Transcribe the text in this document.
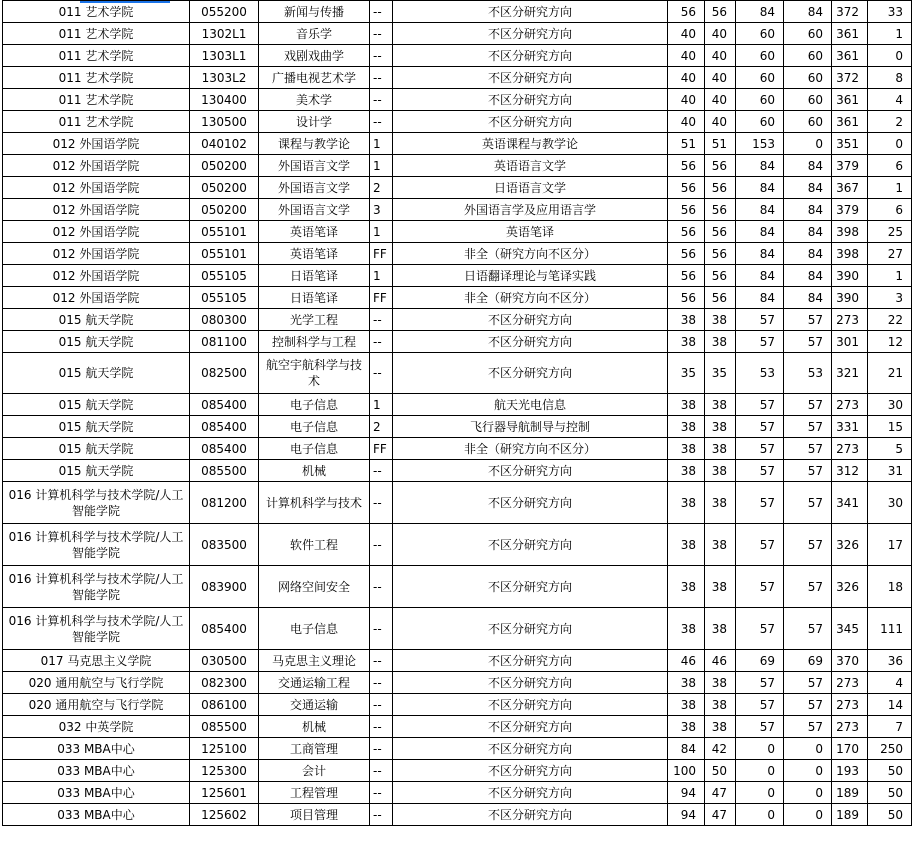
011 艺术学院	055200	新闻与传播	--	不区分研究方向	56	56	84	84	372	33
011 艺术学院	1302L1	音乐学	--	不区分研究方向	40	40	60	60	361	1
011 艺术学院	1303L1	戏剧戏曲学	--	不区分研究方向	40	40	60	60	361	0
011 艺术学院	1303L2	广播电视艺术学	--	不区分研究方向	40	40	60	60	372	8
011 艺术学院	130400	美术学	--	不区分研究方向	40	40	60	60	361	4
011 艺术学院	130500	设计学	--	不区分研究方向	40	40	60	60	361	2
012 外国语学院	040102	课程与教学论	1	英语课程与教学论	51	51	153	0	351	0
012 外国语学院	050200	外国语言文学	1	英语语言文学	56	56	84	84	379	6
012 外国语学院	050200	外国语言文学	2	日语语言文学	56	56	84	84	367	1
012 外国语学院	050200	外国语言文学	3	外国语言学及应用语言学	56	56	84	84	379	6
012 外国语学院	055101	英语笔译	1	英语笔译	56	56	84	84	398	25
012 外国语学院	055101	英语笔译	FF	非全（研究方向不区分）	56	56	84	84	398	27
012 外国语学院	055105	日语笔译	1	日语翻译理论与笔译实践	56	56	84	84	390	1
012 外国语学院	055105	日语笔译	FF	非全（研究方向不区分）	56	56	84	84	390	3
015 航天学院	080300	光学工程	--	不区分研究方向	38	38	57	57	273	22
015 航天学院	081100	控制科学与工程	--	不区分研究方向	38	38	57	57	301	12
015 航天学院	082500	航空宇航科学与技术	--	不区分研究方向	35	35	53	53	321	21
015 航天学院	085400	电子信息	1	航天光电信息	38	38	57	57	273	30
015 航天学院	085400	电子信息	2	飞行器导航制导与控制	38	38	57	57	331	15
015 航天学院	085400	电子信息	FF	非全（研究方向不区分）	38	38	57	57	273	5
015 航天学院	085500	机械	--	不区分研究方向	38	38	57	57	312	31
016 计算机科学与技术学院/人工智能学院	081200	计算机科学与技术	--	不区分研究方向	38	38	57	57	341	30
016 计算机科学与技术学院/人工智能学院	083500	软件工程	--	不区分研究方向	38	38	57	57	326	17
016 计算机科学与技术学院/人工智能学院	083900	网络空间安全	--	不区分研究方向	38	38	57	57	326	18
016 计算机科学与技术学院/人工智能学院	085400	电子信息	--	不区分研究方向	38	38	57	57	345	111
017 马克思主义学院	030500	马克思主义理论	--	不区分研究方向	46	46	69	69	370	36
020 通用航空与飞行学院	082300	交通运输工程	--	不区分研究方向	38	38	57	57	273	4
020 通用航空与飞行学院	086100	交通运输	--	不区分研究方向	38	38	57	57	273	14
032 中英学院	085500	机械	--	不区分研究方向	38	38	57	57	273	7
033 MBA中心	125100	工商管理	--	不区分研究方向	84	42	0	0	170	250
033 MBA中心	125300	会计	--	不区分研究方向	100	50	0	0	193	50
033 MBA中心	125601	工程管理	--	不区分研究方向	94	47	0	0	189	50
033 MBA中心	125602	项目管理	--	不区分研究方向	94	47	0	0	189	50
